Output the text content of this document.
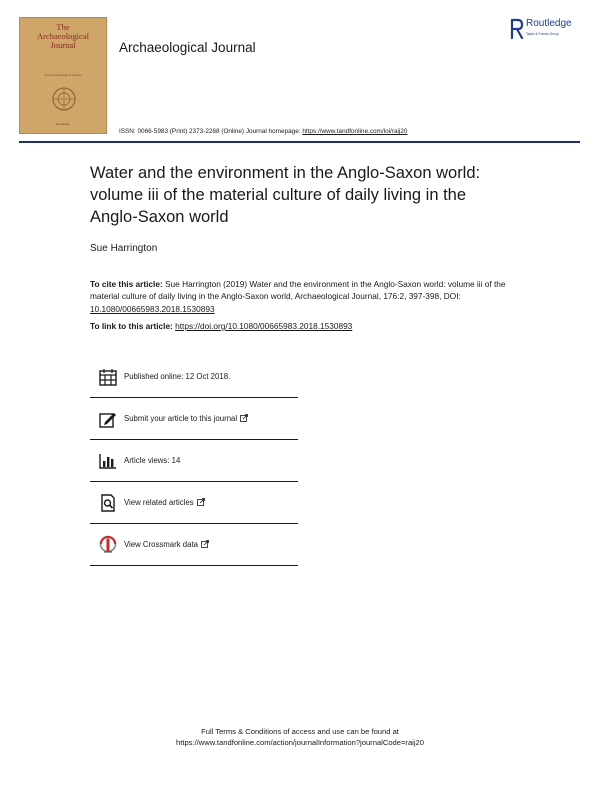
The
Archaeological
Journal
Royal Archaeological Institute
Routledge
Archaeological Journal
Routledge
Taylor & Francis Group
ISSN: 0066-5983 (Print) 2373-2288 (Online) Journal homepage: https://www.tandfonline.com/loi/raij20
Water and the environment in the Anglo-Saxon world: volume iii of the material culture of daily living in the Anglo-Saxon world
Sue Harrington
To cite this article: Sue Harrington (2019) Water and the environment in the Anglo-Saxon world: volume iii of the material culture of daily living in the Anglo-Saxon world, Archaeological Journal, 176:2, 397-398, DOI: 10.1080/00665983.2018.1530893
To link to this article: https://doi.org/10.1080/00665983.2018.1530893
Published online: 12 Oct 2018.
Submit your article to this journal
Article views: 14
View related articles
View Crossmark data
Full Terms & Conditions of access and use can be found at
https://www.tandfonline.com/action/journalInformation?journalCode=raij20
